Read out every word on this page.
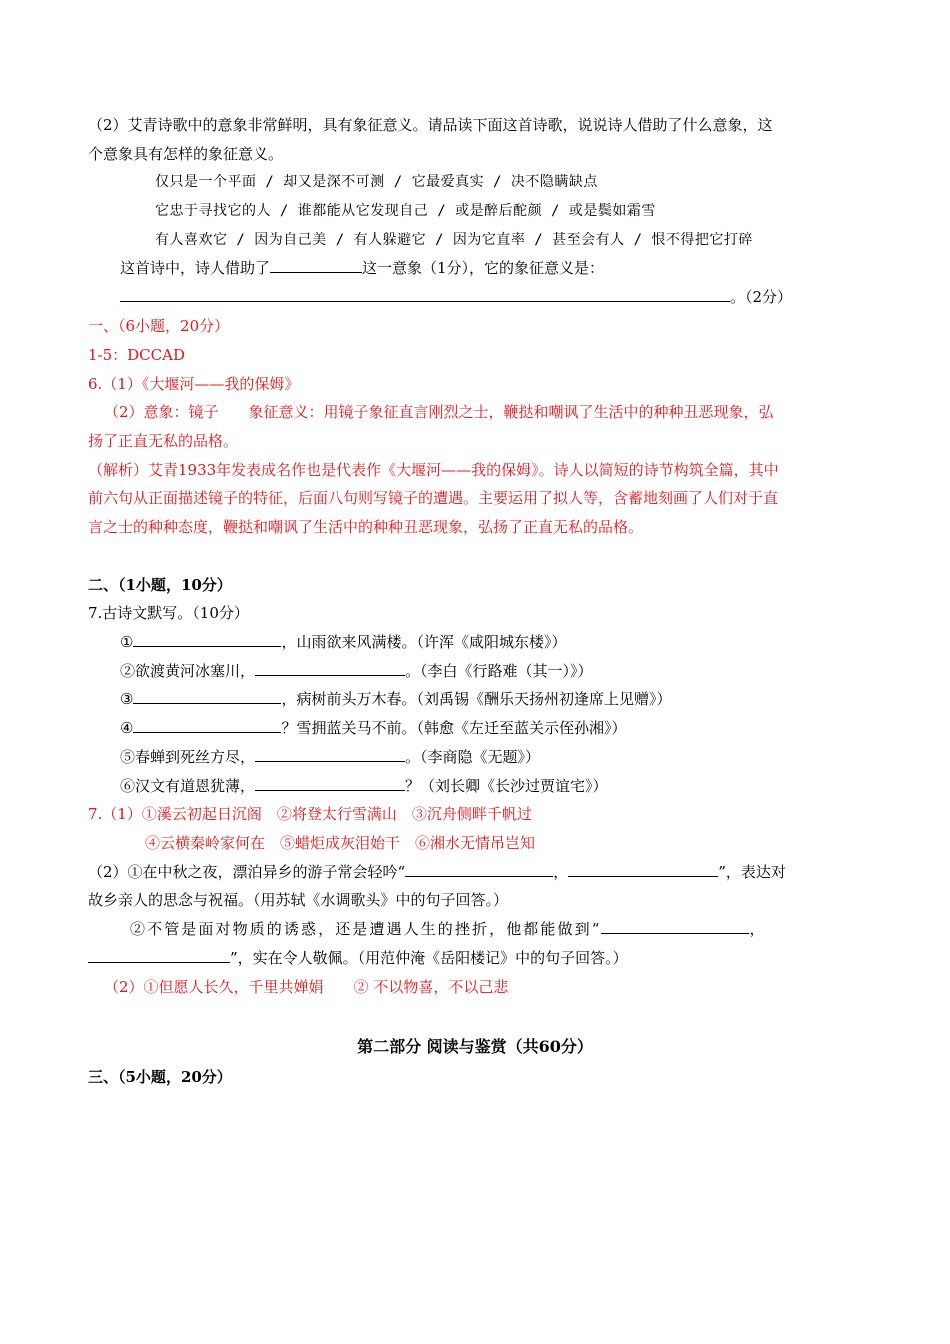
（2）艾青诗歌中的意象非常鲜明，具有象征意义。请品读下面这首诗歌，说说诗人借助了什么意象，这
个意象具有怎样的象征意义。
仅只是一个平面 / 却又是深不可测 / 它最爱真实 / 决不隐瞒缺点
它忠于寻找它的人 / 谁都能从它发现自己 / 或是醉后酡颜 / 或是鬓如霜雪
有人喜欢它 / 因为自己美 / 有人躲避它 / 因为它直率 / 甚至会有人 / 恨不得把它打碎
这首诗中，诗人借助了	这一意象（1分），它的象征意义是：
。（2分）
一、（6小题，20分）
1-5：DCCAD
6.（1）《大堰河——我的保姆》
（2）意象：镜子　　象征意义：用镜子象征直言刚烈之士，鞭挞和嘲讽了生活中的种种丑恶现象，弘
扬了正直无私的品格。
（解析）艾青1933年发表成名作也是代表作《大堰河——我的保姆》。诗人以简短的诗节构筑全篇，其中
前六句从正面描述镜子的特征，后面八句则写镜子的遭遇。主要运用了拟人等，含蓄地刻画了人们对于直
言之士的种种态度，鞭挞和嘲讽了生活中的种种丑恶现象，弘扬了正直无私的品格。
二、（1小题，10分）
7.古诗文默写。（10分）
①	，山雨欲来风满楼。（许浑《咸阳城东楼》）
②欲渡黄河冰塞川，	。（李白《行路难（其一）》）
③	，病树前头万木春。（刘禹锡《酬乐天扬州初逢席上见赠》）
④	？雪拥蓝关马不前。（韩愈《左迁至蓝关示侄孙湘》）
⑤春蝉到死丝方尽，	。（李商隐《无题》）
⑥汉文有道恩犹薄，	？（刘长卿《长沙过贾谊宅》）
7.（1）①溪云初起日沉阁　②将登太行雪满山　③沉舟侧畔千帆过
④云横秦岭家何在　⑤蜡炬成灰泪始干　⑥湘水无情吊岂知
（2）①在中秋之夜，漂泊异乡的游子常会轻吟“	，	”，表达对
故乡亲人的思念与祝福。（用苏轼《水调歌头》中的句子回答。）
②不管是面对物质的诱惑，还是遭遇人生的挫折，他都能做到“	，
”，实在令人敬佩。（用范仲淹《岳阳楼记》中的句子回答。）
（2）①但愿人长久，千里共婵娟　　② 不以物喜，不以己悲
第二部分 阅读与鉴赏（共60分）
三、（5小题，20分）
